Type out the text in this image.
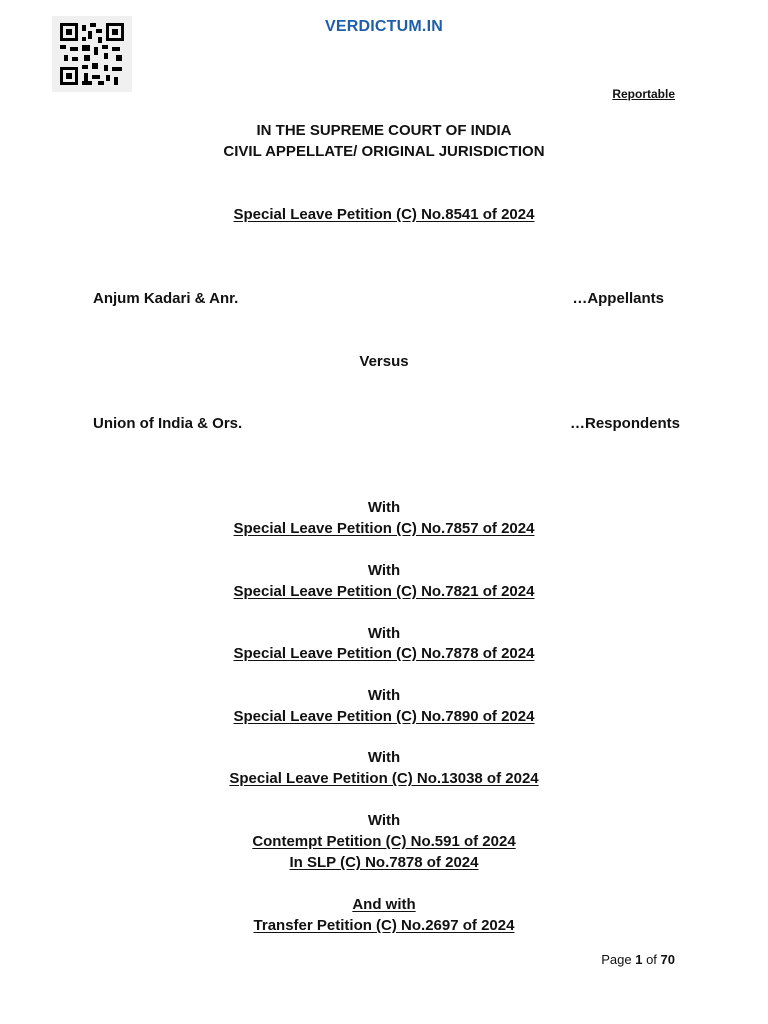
VERDICTUM.IN
Reportable
IN THE SUPREME COURT OF INDIA
CIVIL APPELLATE/ ORIGINAL JURISDICTION
Special Leave Petition (C) No.8541 of 2024
Anjum Kadari & Anr.	…Appellants
Versus
Union of India & Ors.	…Respondents
With
Special Leave Petition (C) No.7857 of 2024
With
Special Leave Petition (C) No.7821 of 2024
With
Special Leave Petition (C) No.7878 of 2024
With
Special Leave Petition (C) No.7890 of 2024
With
Special Leave Petition (C) No.13038 of 2024
With
Contempt Petition (C) No.591 of 2024
In SLP (C) No.7878 of 2024
And with
Transfer Petition (C) No.2697 of 2024
Page 1 of 70
